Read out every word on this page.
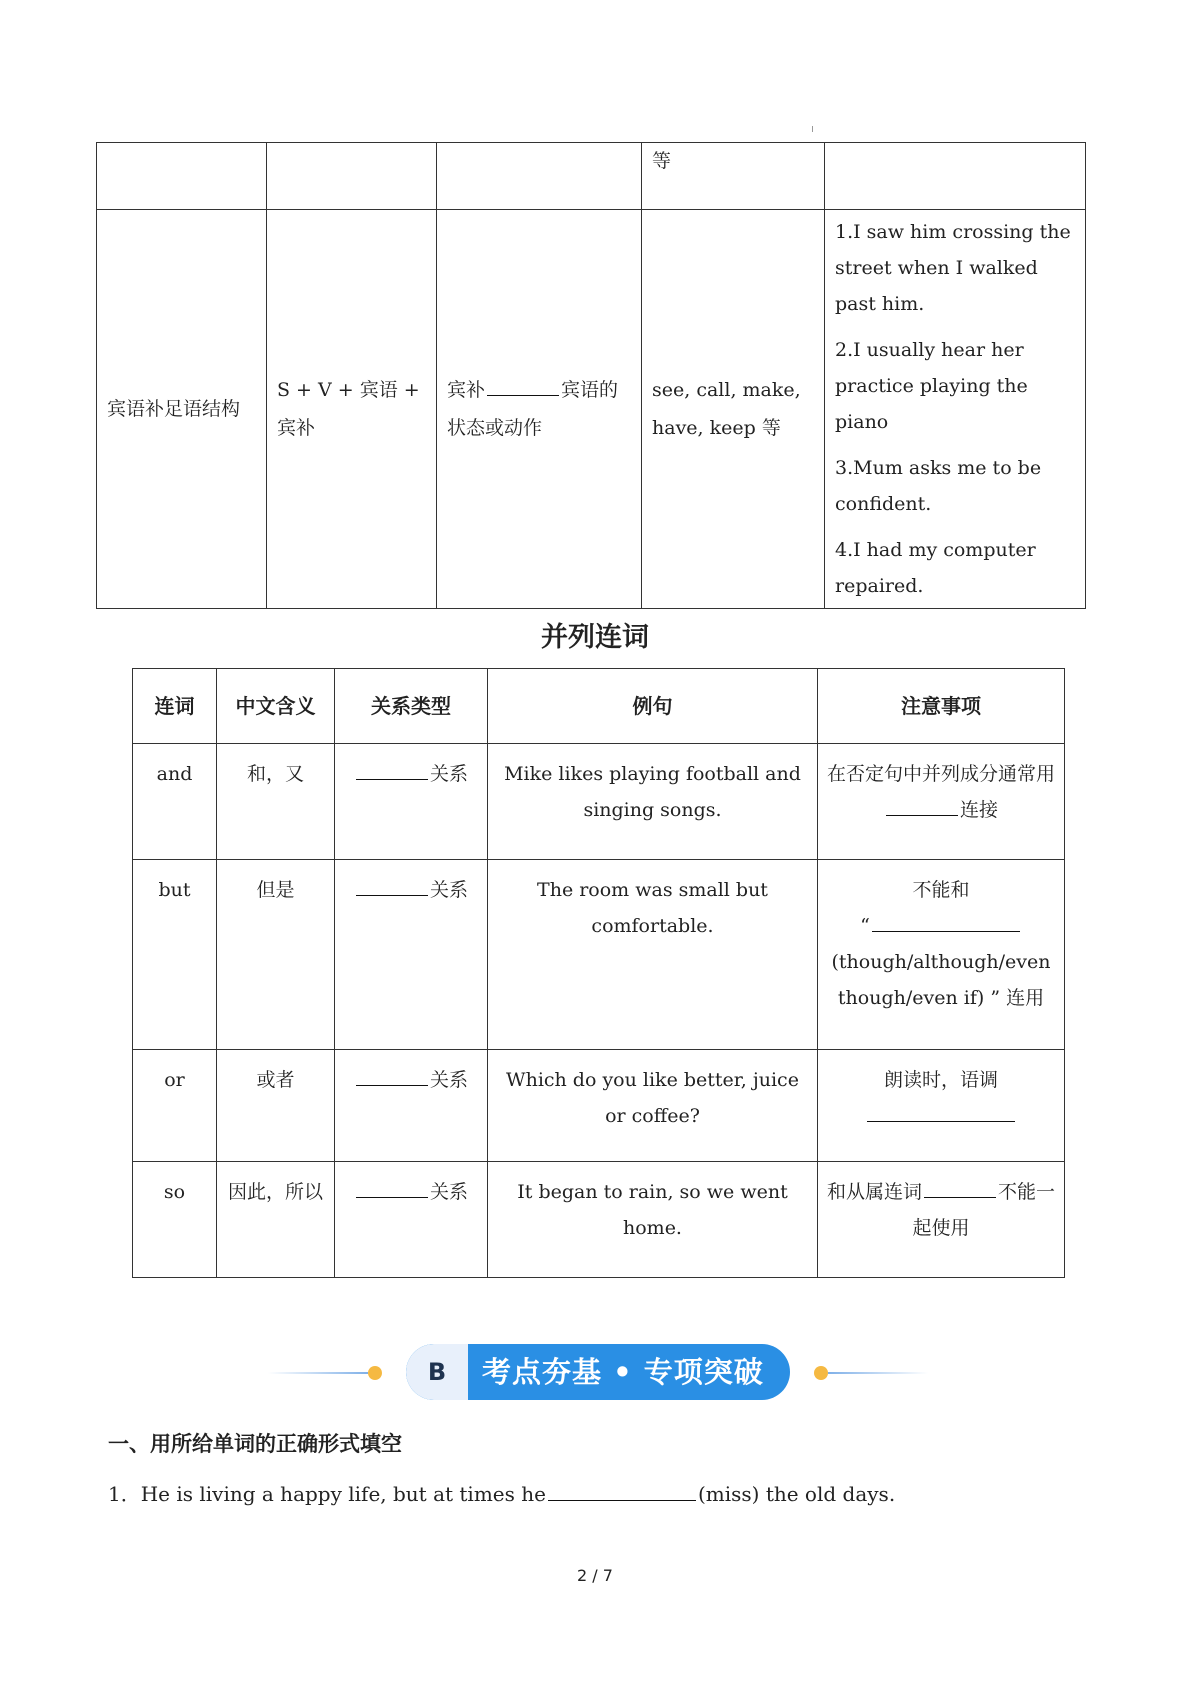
			等	
宾语补足语结构	S + V + 宾语 + 宾补	宾补 宾语的状态或动作	see, call, make, have, keep 等	1.I saw him crossing the street when I walked past him.

2.I usually hear her practice playing the piano

3.Mum asks me to be confident.

4.I had my computer repaired.

并列连词
连词	中文含义	关系类型	例句	注意事项
and	和，又	关系	Mike likes playing football and singing songs.	在否定句中并列成分通常用连接
but	但是	关系	The room was small but comfortable.	不能和
“
(though/although/even though/even if) ” 连用
or	或者	关系	Which do you like better, juice or coffee?	朗读时，语调

so	因此，所以	关系	It began to rain, so we went home.	和从属连词 不能一起使用
B	考点夯基 • 专项突破
一、用所给单词的正确形式填空
1．He is living a happy life, but at times he	(miss) the old days.
2 / 7
